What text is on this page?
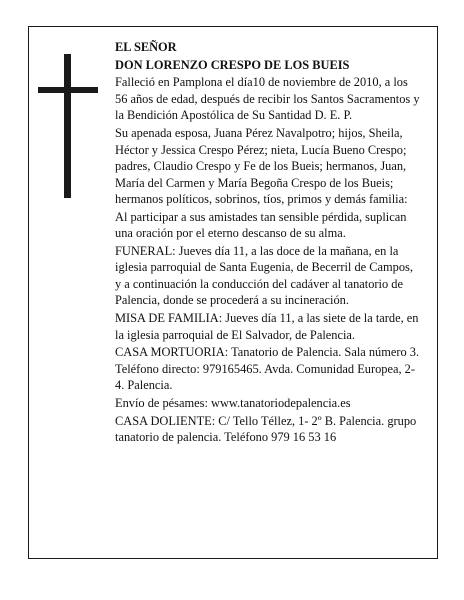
EL SEÑOR

DON LORENZO CRESPO DE LOS BUEIS

Falleció en Pamplona el día10 de noviembre de 2010, a los 56 años de edad, después de recibir los Santos Sacramentos y la Bendición Apostólica de Su Santidad D. E. P.

Su apenada esposa, Juana Pérez Navalpotro; hijos, Sheila, Héctor y Jessica Crespo Pérez; nieta, Lucía Bueno Crespo; padres, Claudio Crespo y Fe de los Bueis; hermanos, Juan, María del Carmen y María Begoña Crespo de los Bueis; hermanos políticos, sobrinos, tíos, primos y demás familia:

Al participar a sus amistades tan sensible pérdida, suplican una oración por el eterno descanso de su alma.

FUNERAL: Jueves día 11, a las doce de la mañana, en la iglesia parroquial de Santa Eugenia, de Becerril de Campos, y a continuación la conducción del cadáver al tanatorio de Palencia, donde se procederá a su incineración.

MISA DE FAMILIA: Jueves día 11, a las siete de la tarde, en la iglesia parroquial de El Salvador, de Palencia.

CASA MORTUORIA: Tanatorio de Palencia. Sala número 3. Teléfono directo: 979165465. Avda. Comunidad Europea, 2-4. Palencia.

Envío de pésames: www.tanatoriodepalencia.es

CASA DOLIENTE: C/ Tello Téllez, 1- 2º B. Palencia. grupo tanatorio de palencia. Teléfono 979 16 53 16
